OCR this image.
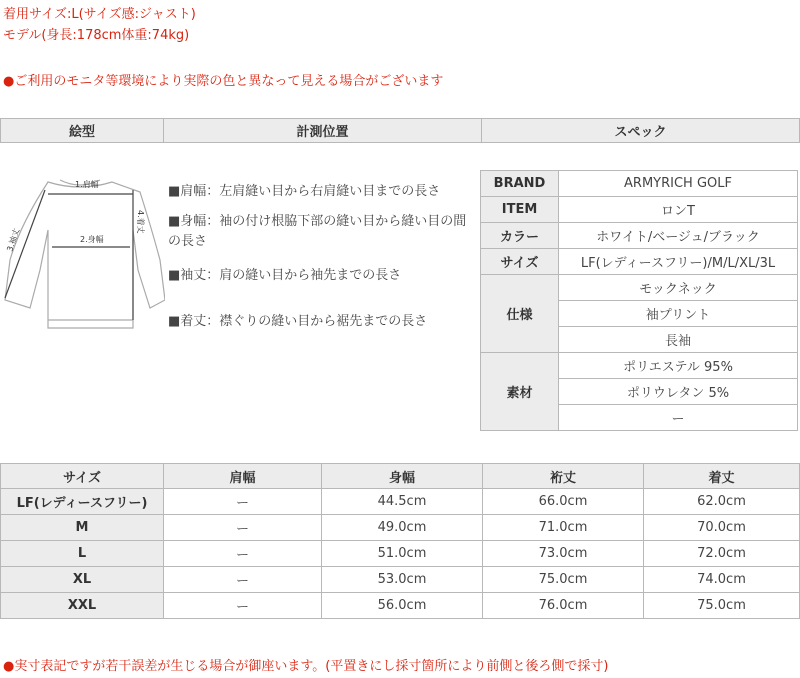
着用サイズ:L(サイズ感:ジャスト)
モデル(身長:178cm体重:74kg)
●ご利用のモニタ等環境により実際の色と異なって見える場合がございます
絵型	計測位置	スペック
1.肩幅
2.身幅
3.袖丈
4.着丈
■肩幅：左肩縫い目から右肩縫い目までの長さ
■身幅：袖の付け根脇下部の縫い目から縫い目の間の長さ
■袖丈：肩の縫い目から袖先までの長さ
■着丈：襟ぐりの縫い目から裾先までの長さ
BRAND	ARMYRICH GOLF
ITEM	ロンT
カラー	ホワイト/ベージュ/ブラック
サイズ	LF(レディースフリー)/M/L/XL/3L
仕様	モックネック
	袖プリント
	長袖
素材	ポリエステル 95%
	ポリウレタン 5%
	ー
サイズ	肩幅	身幅	裄丈	着丈
LF(レディースフリー)	ー	44.5cm	66.0cm	62.0cm
M	ー	49.0cm	71.0cm	70.0cm
L	ー	51.0cm	73.0cm	72.0cm
XL	ー	53.0cm	75.0cm	74.0cm
XXL	ー	56.0cm	76.0cm	75.0cm
●実寸表記ですが若干誤差が生じる場合が御座います。(平置きにし採寸箇所により前側と後ろ側で採寸)
